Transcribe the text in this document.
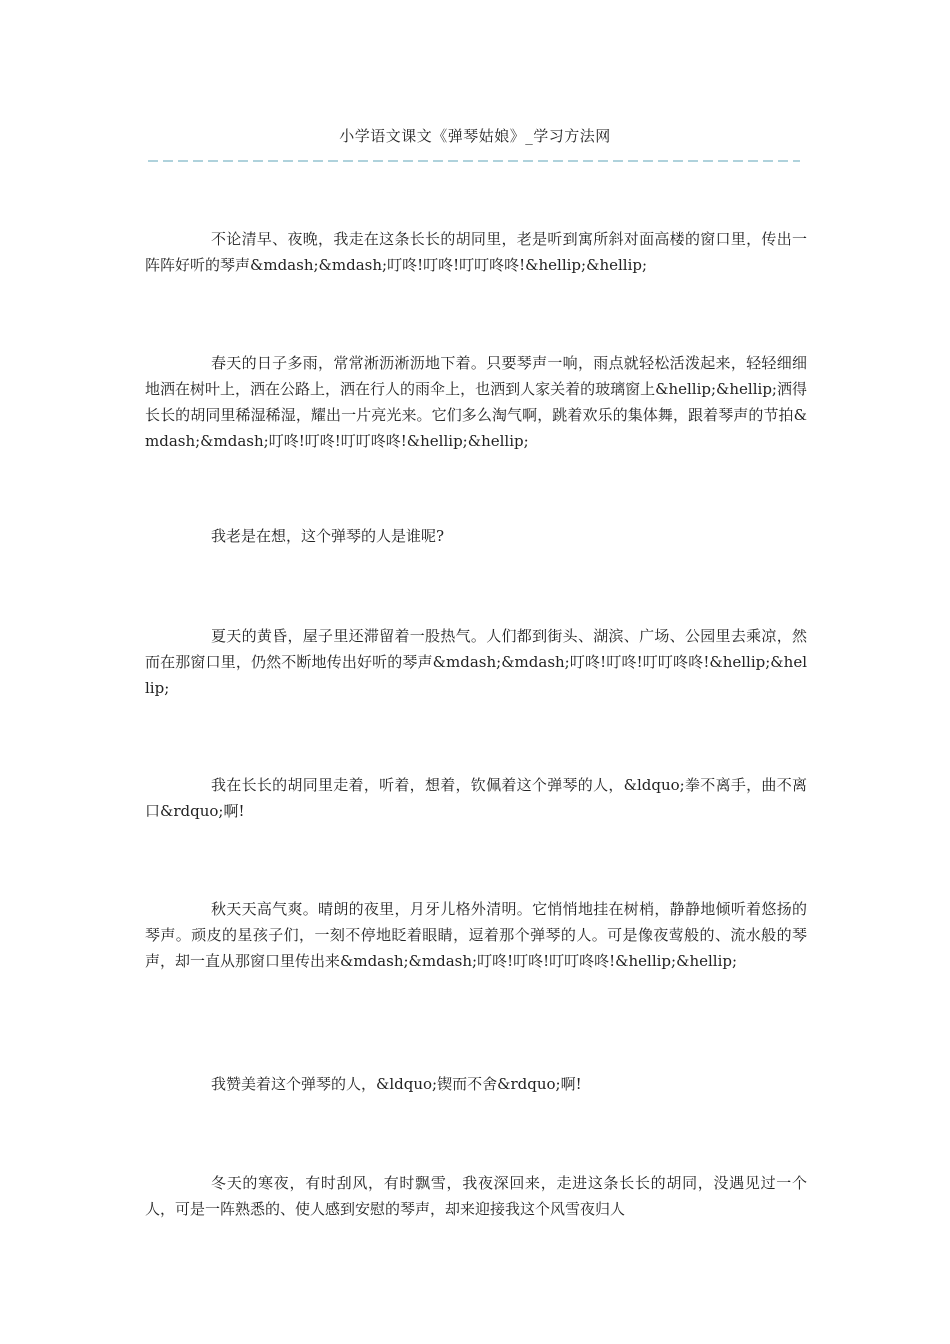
小学语文课文《弹琴姑娘》_学习方法网

不论清早、夜晚，我走在这条长长的胡同里，老是听到寓所斜对面高楼的窗口里，传出一阵阵好听的琴声&mdash;&mdash;叮咚!叮咚!叮叮咚咚!&hellip;&hellip;

春天的日子多雨，常常淅沥淅沥地下着。只要琴声一响，雨点就轻松活泼起来，轻轻细细地洒在树叶上，洒在公路上，洒在行人的雨伞上，也洒到人家关着的玻璃窗上&hellip;&hellip;洒得长长的胡同里稀湿稀湿，耀出一片亮光来。它们多么淘气啊，跳着欢乐的集体舞，跟着琴声的节拍&mdash;&mdash;叮咚!叮咚!叮叮咚咚!&hellip;&hellip;

我老是在想，这个弹琴的人是谁呢?

夏天的黄昏，屋子里还滞留着一股热气。人们都到街头、湖滨、广场、公园里去乘凉，然而在那窗口里，仍然不断地传出好听的琴声&mdash;&mdash;叮咚!叮咚!叮叮咚咚!&hellip;&hellip;

我在长长的胡同里走着，听着，想着，钦佩着这个弹琴的人，&ldquo;拳不离手，曲不离口&rdquo;啊!

秋天天高气爽。晴朗的夜里，月牙儿格外清明。它悄悄地挂在树梢，静静地倾听着悠扬的琴声。顽皮的星孩子们，一刻不停地眨着眼睛，逗着那个弹琴的人。可是像夜莺般的、流水般的琴声，却一直从那窗口里传出来&mdash;&mdash;叮咚!叮咚!叮叮咚咚!&hellip;&hellip;

我赞美着这个弹琴的人，&ldquo;锲而不舍&rdquo;啊!

冬天的寒夜，有时刮风，有时飘雪，我夜深回来，走进这条长长的胡同，没遇见过一个人，可是一阵熟悉的、使人感到安慰的琴声，却来迎接我这个风雪夜归人
